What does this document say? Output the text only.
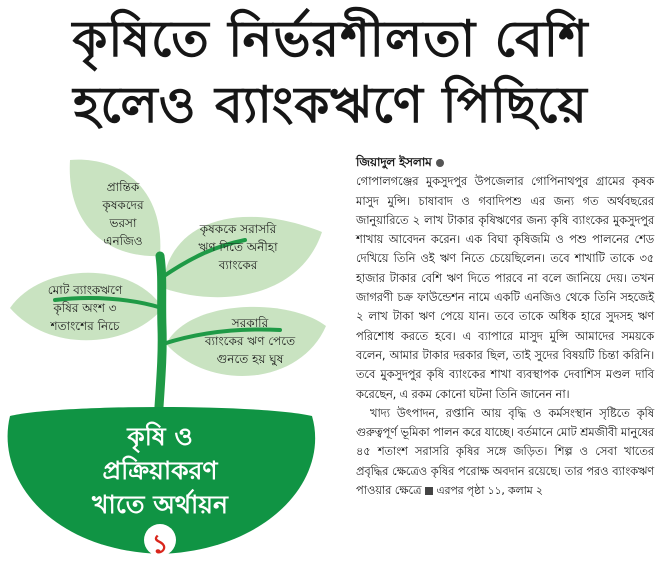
কৃষিতে নির্ভরশীলতা বেশি
হলেও ব্যাংকঋণে পিছিয়ে
প্রান্তিক
কৃষকদের
ভরসা
এনজিও
কৃষককে সরাসরি
ঋণ দিতে অনীহা
ব্যাংকের
মোট ব্যাংকঋণে
কৃষির অংশ ৩
শতাংশের নিচে	সরকারি
ব্যাংকের ঋণ পেতে
গুনতে হয় ঘুষ
কৃষি ও
প্রক্রিয়াকরণ
খাতে অর্থায়ন
১
জিয়াদুল ইসলাম

গোপালগঞ্জের মুকসুদপুর উপজেলার গোপিনাথপুর গ্রামের কৃষক মাসুদ মুন্সি। চাষাবাদ ও গবাদিপশু এর জন্য গত অর্থবছরের জানুয়ারিতে ২ লাখ টাকার কৃষিঋণের জন্য কৃষি ব্যাংকের মুকসুদপুর শাখায় আবেদন করেন। এক বিঘা কৃষিজমি ও পশু পালনের শেড দেখিয়ে তিনি ওই ঋণ নিতে চেয়েছিলেন। তবে শাখাটি তাকে ৩৫ হাজার টাকার বেশি ঋণ দিতে পারবে না বলে জানিয়ে দেয়। তখন জাগরণী চক্র ফাউন্ডেশন নামে একটি এনজিও থেকে তিনি সহজেই ২ লাখ টাকা ঋণ পেয়ে যান। তবে তাকে অধিক হারে সুদসহ ঋণ পরিশোধ করতে হবে। এ ব্যাপারে মাসুদ মুন্সি আমাদের সময়কে বলেন, আমার টাকার দরকার ছিল, তাই সুদের বিষয়টি চিন্তা করিনি। তবে মুকসুদপুর কৃষি ব্যাংকের শাখা ব্যবস্থাপক দেবাশিস মণ্ডল দাবি করেছেন, এ রকম কোনো ঘটনা তিনি জানেন না।

খাদ্য উৎপাদন, রপ্তানি আয় বৃদ্ধি ও কর্মসংস্থান সৃষ্টিতে কৃষি গুরুত্বপূর্ণ ভূমিকা পালন করে যাচ্ছে। বর্তমানে মোট শ্রমজীবী মানুষের ৪৫ শতাংশ সরাসরি কৃষির সঙ্গে জড়িত। শিল্প ও সেবা খাতের প্রবৃদ্ধির ক্ষেত্রেও কৃষির পরোক্ষ অবদান রয়েছে। তার পরও ব্যাংকঋণ পাওয়ার ক্ষেত্রে এরপর পৃষ্ঠা ১১, কলাম ২
